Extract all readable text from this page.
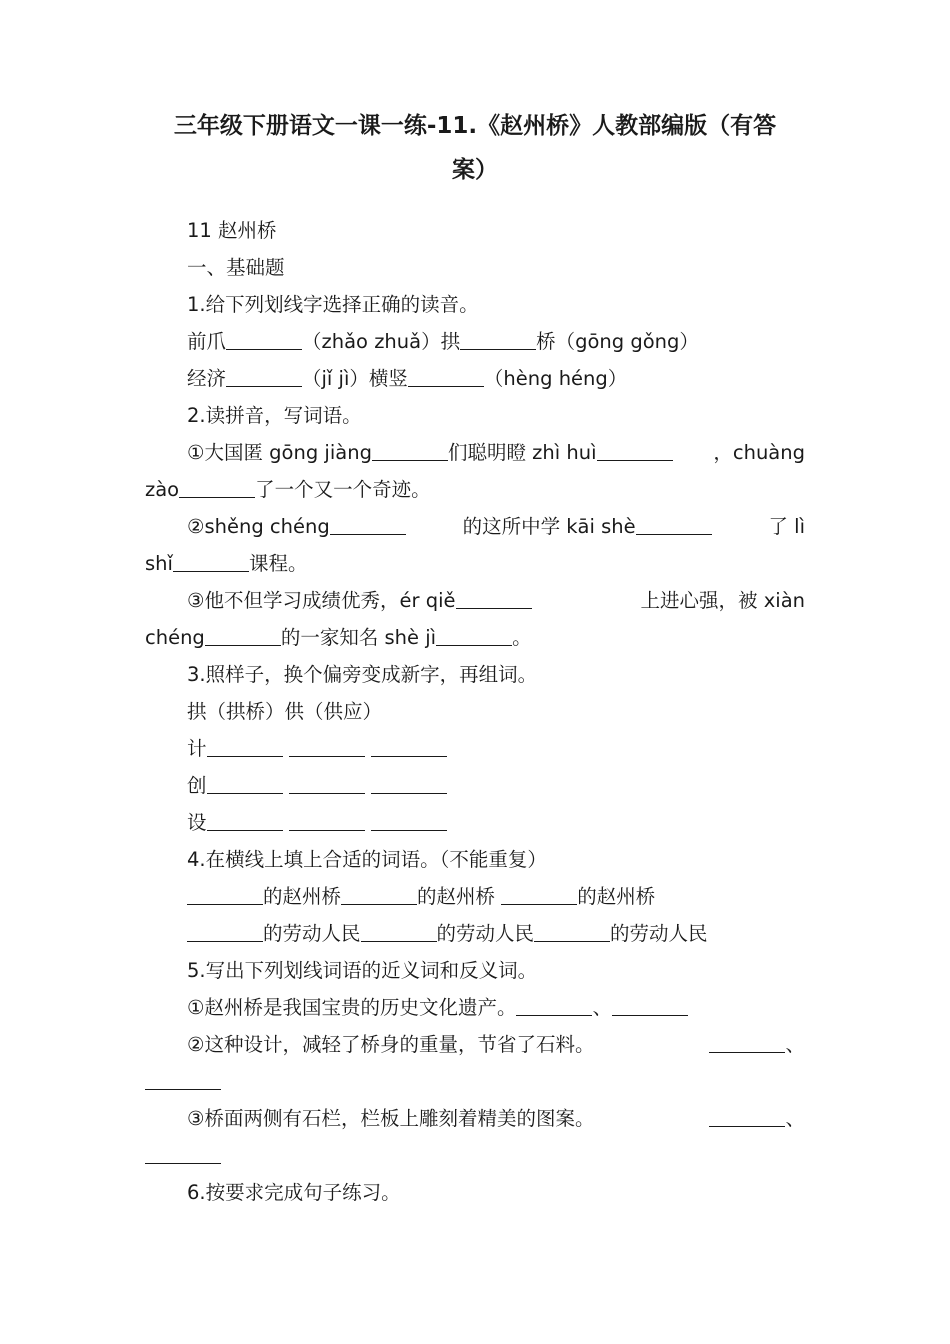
三年级下册语文一课一练-11.《赵州桥》人教部编版（有答
案）
11 赵州桥
一、基础题
1.给下列划线字选择正确的读音。
前爪	（zhǎo zhuǎ）拱	桥（gōng gǒng）
经济	（jǐ jì）横竖	（hèng héng）
2.读拼音，写词语。
①大国匿 gōng jiàng	们聪明瞪 zhì huì	，chuàng
zào	了一个又一个奇迹。
②shěng chéng	的这所中学 kāi shè	了 lì
shǐ	课程。
③他不但学习成绩优秀，ér qiě	上进心强，被 xiàn
chéng	的一家知名 shè jì	。
3.照样子，换个偏旁变成新字，再组词。
拱（拱桥）供（供应）
计
创
设
4.在横线上填上合适的词语。（不能重复）
的赵州桥	的赵州桥	的赵州桥
的劳动人民	的劳动人民	的劳动人民
5.写出下列划线词语的近义词和反义词。
①赵州桥是我国宝贵的历史文化遗产。	、
②这种设计，减轻了桥身的重量，节省了石料。	、
③桥面两侧有石栏，栏板上雕刻着精美的图案。	、
6.按要求完成句子练习。
